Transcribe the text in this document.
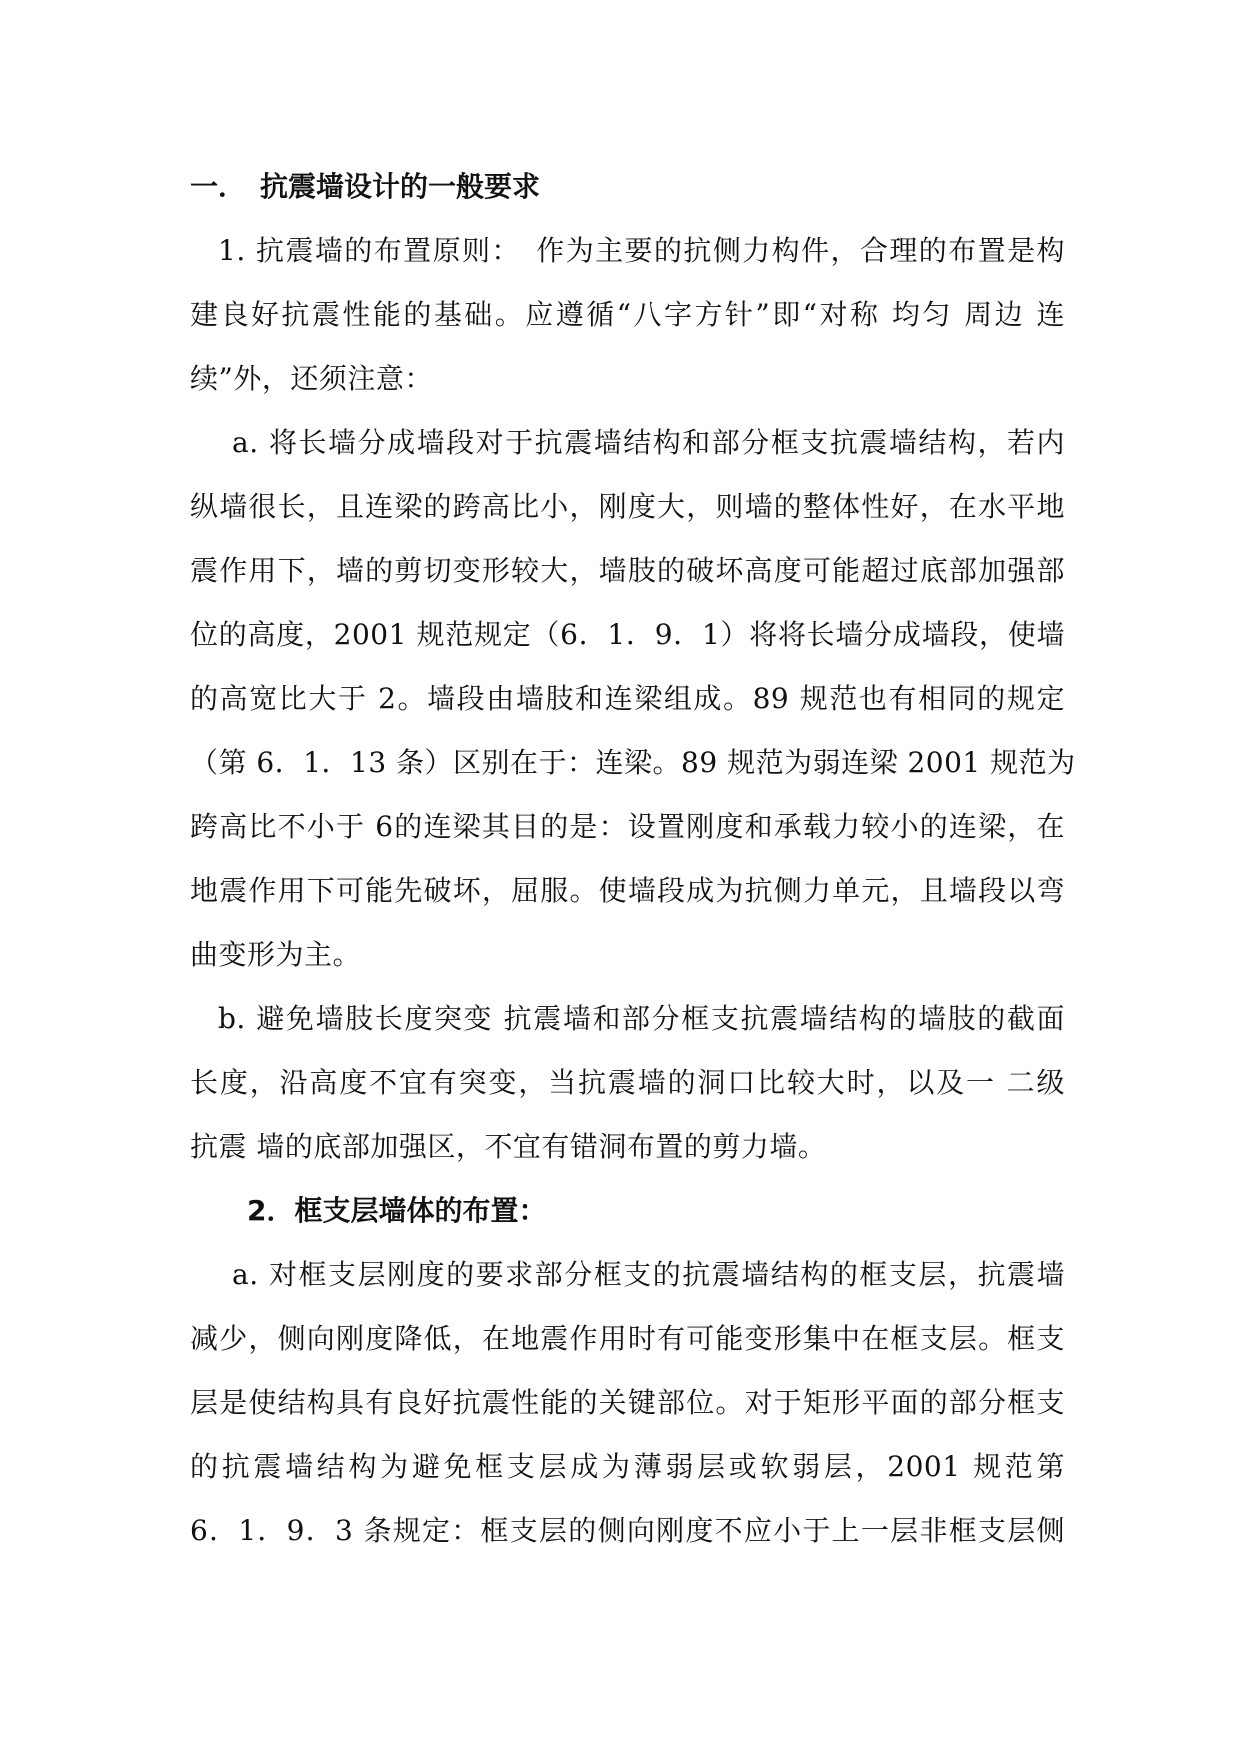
一． 抗震墙设计的一般要求

1. 抗震墙的布置原则：　作为主要的抗侧力构件，合理的布置是构
建良好抗震性能的基础。应遵循“八字方针”即“对称 均匀 周边 连
续”外，还须注意：

a. 将长墙分成墙段对于抗震墙结构和部分框支抗震墙结构，若内
纵墙很长，且连梁的跨高比小，刚度大，则墙的整体性好，在水平地
震作用下，墙的剪切变形较大，墙肢的破坏高度可能超过底部加强部
位的高度，2001 规范规定（6．1．9．1）将将长墙分成墙段，使墙
的高宽比大于 2。墙段由墙肢和连梁组成。89 规范也有相同的规定
（第 6．1．13 条）区别在于：连梁。89 规范为弱连梁 2001 规范为
跨高比不小于 6的连梁其目的是：设置刚度和承载力较小的连梁，在
地震作用下可能先破坏，屈服。使墙段成为抗侧力单元，且墙段以弯
曲变形为主。

b. 避免墙肢长度突变 抗震墙和部分框支抗震墙结构的墙肢的截面
长度，沿高度不宜有突变，当抗震墙的洞口比较大时，以及一 二级
抗震 墙的底部加强区，不宜有错洞布置的剪力墙。

2．框支层墙体的布置：

a. 对框支层刚度的要求部分框支的抗震墙结构的框支层，抗震墙
减少，侧向刚度降低，在地震作用时有可能变形集中在框支层。框支
层是使结构具有良好抗震性能的关键部位。对于矩形平面的部分框支
的抗震墙结构为避免框支层成为薄弱层或软弱层，2001 规范第
6．1．9．3 条规定：框支层的侧向刚度不应小于上一层非框支层侧
